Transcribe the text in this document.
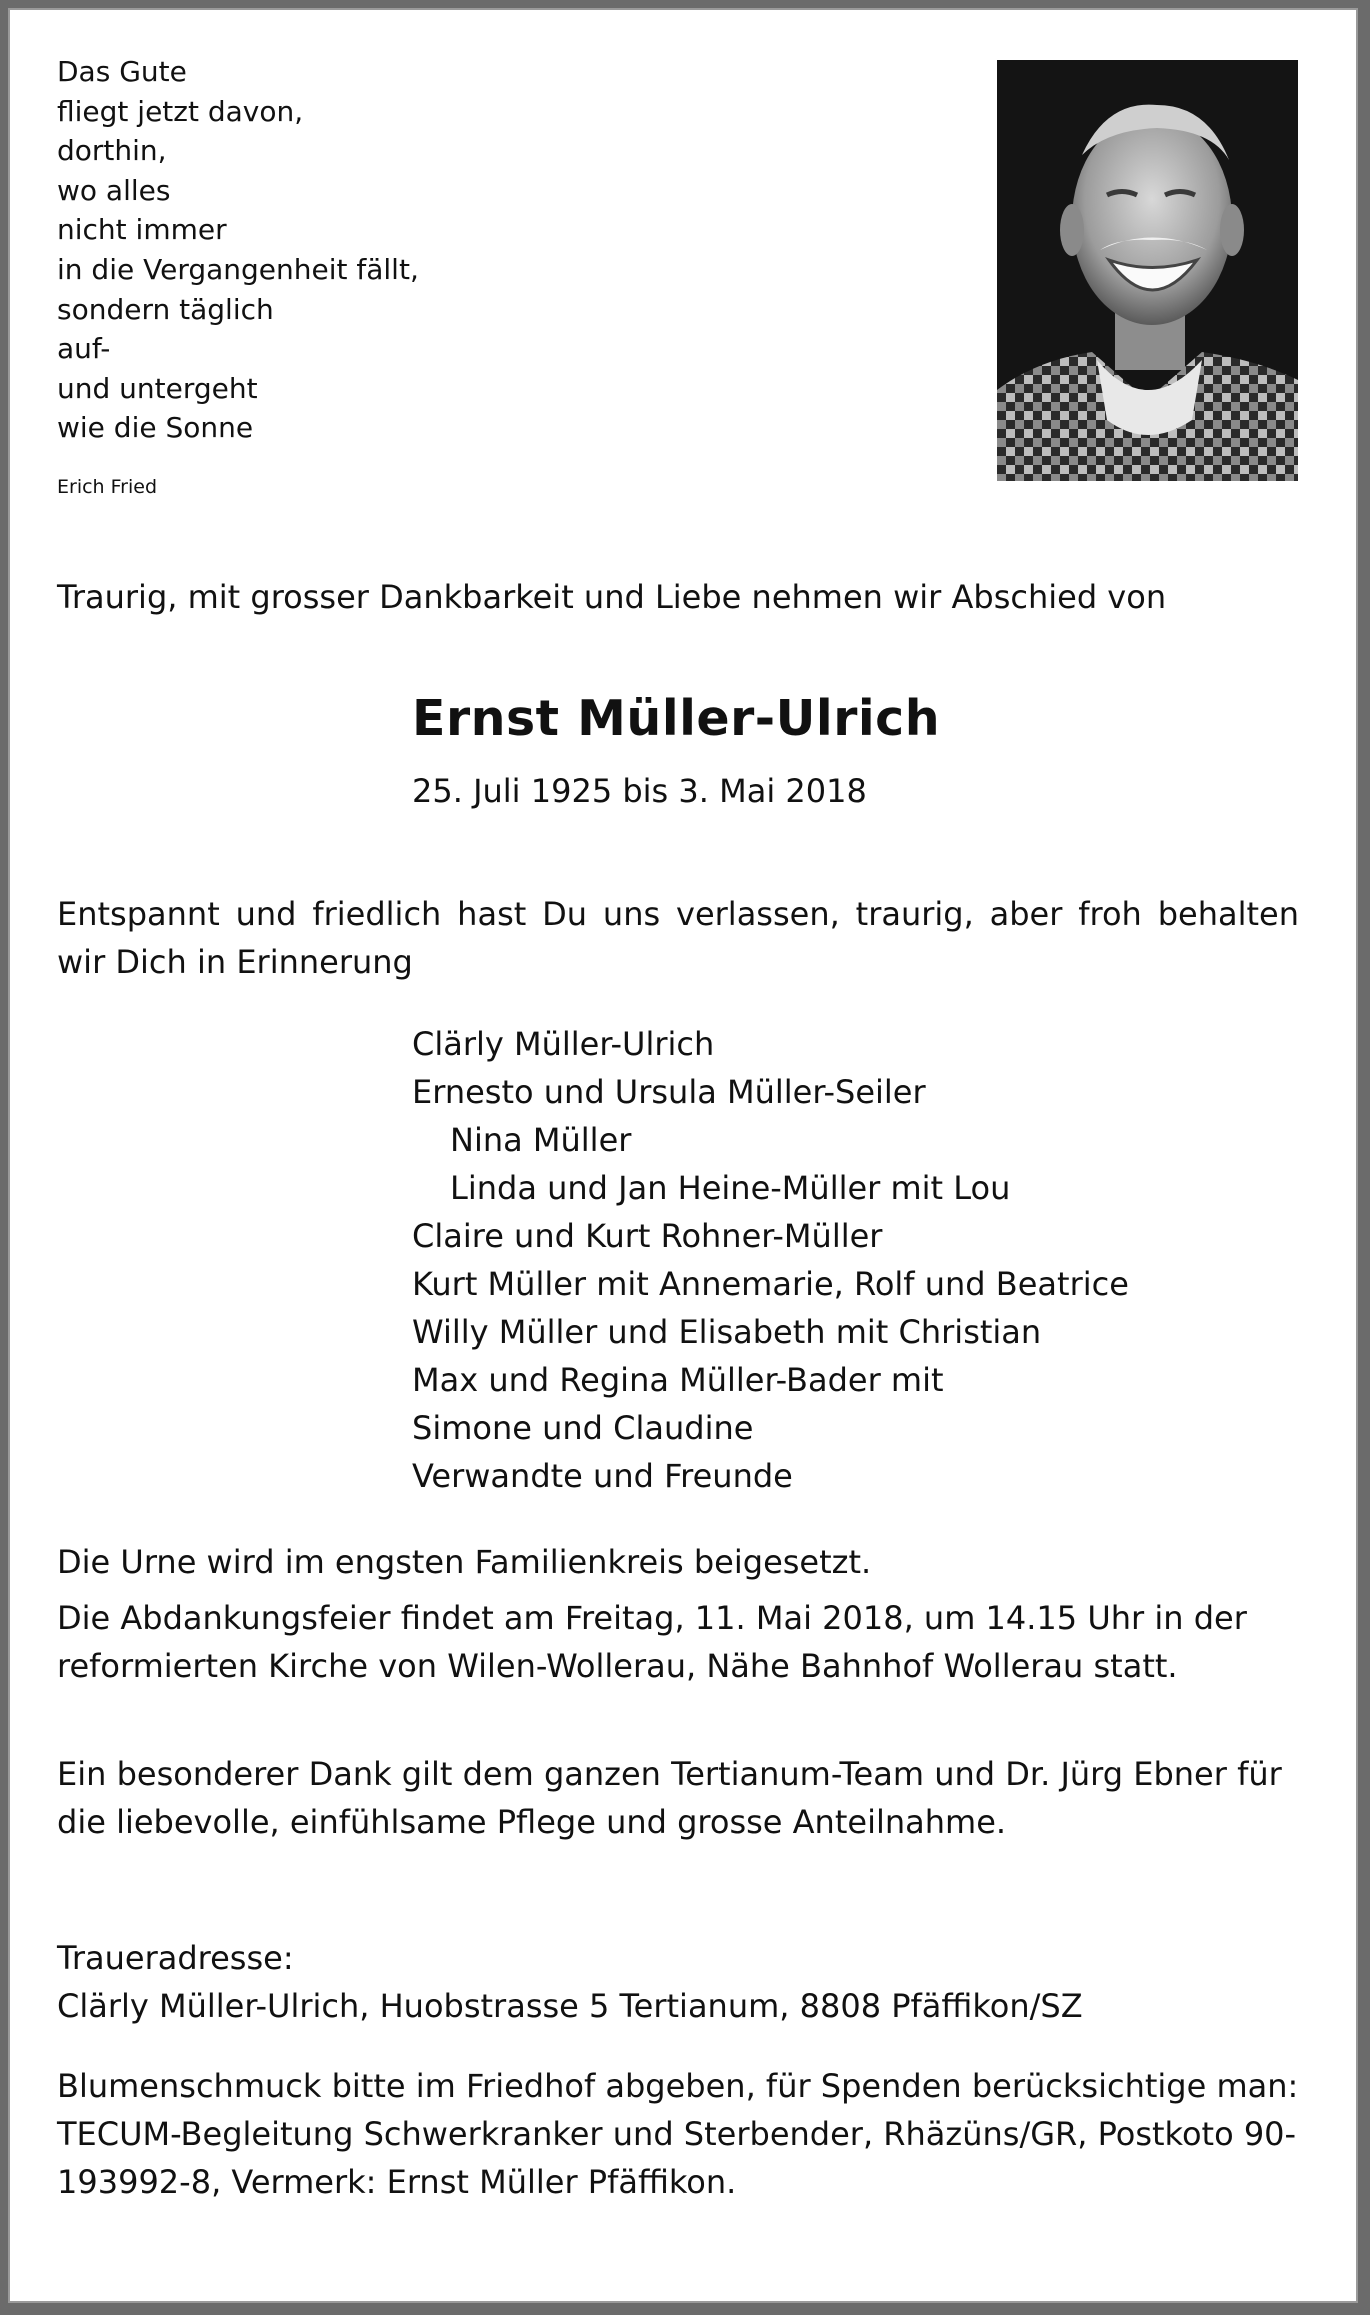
Das Gute
fliegt jetzt davon,
dorthin,
wo alles
nicht immer
in die Vergangenheit fällt,
sondern täglich
auf-
und untergeht
wie die Sonne
Erich Fried
Traurig, mit grosser Dankbarkeit und Liebe nehmen wir Abschied von
Ernst Müller-Ulrich
25. Juli 1925 bis 3. Mai 2018
Entspannt und friedlich hast Du uns verlassen, traurig, aber froh behalten wir Dich in Erinnerung
Clärly Müller-Ulrich
Ernesto und Ursula Müller-Seiler
Nina Müller
Linda und Jan Heine-Müller mit Lou
Claire und Kurt Rohner-Müller
Kurt Müller mit Annemarie, Rolf und Beatrice
Willy Müller und Elisabeth mit Christian
Max und Regina Müller-Bader mit
Simone und Claudine
Verwandte und Freunde
Die Urne wird im engsten Familienkreis beigesetzt.
Die Abdankungsfeier findet am Freitag, 11. Mai 2018, um 14.15 Uhr in der reformierten Kirche von Wilen-Wollerau, Nähe Bahnhof Wollerau statt.
Ein besonderer Dank gilt dem ganzen Tertianum-Team und Dr. Jürg Ebner für die liebevolle, einfühlsame Pflege und grosse Anteilnahme.
Traueradresse:
Clärly Müller-Ulrich, Huobstrasse 5 Tertianum, 8808 Pfäffikon/SZ
Blumenschmuck bitte im Friedhof abgeben, für Spenden berücksichtige man: TECUM-Begleitung Schwerkranker und Sterbender, Rhäzüns/GR, Postkoto 90-193992-8, Vermerk: Ernst Müller Pfäffikon.
